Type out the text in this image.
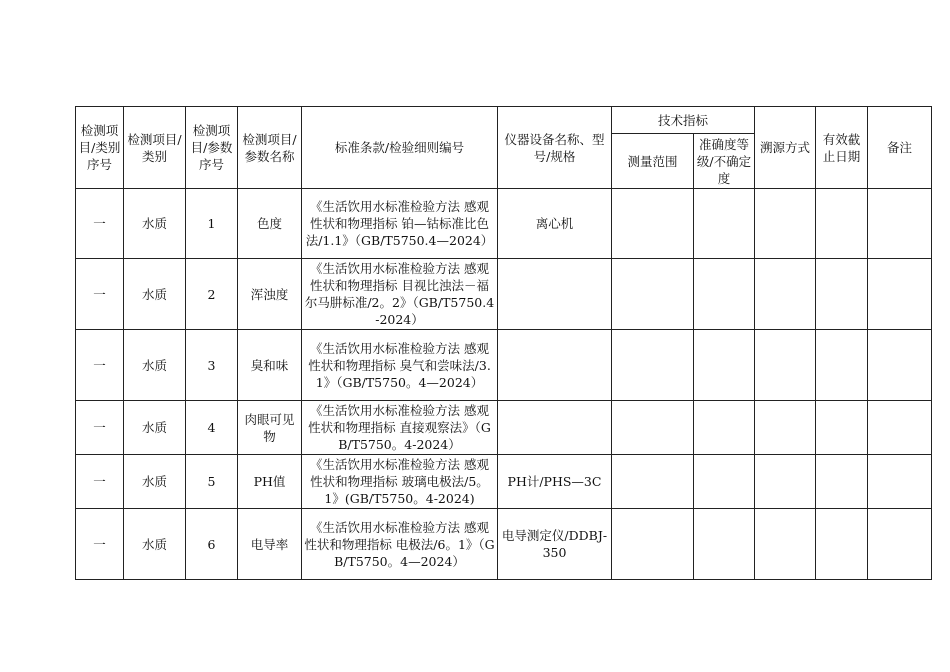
检测项目/类别序号	检测项目/类别	检测项目/参数序号	检测项目/参数名称	标准条款/检验细则编号	仪器设备名称、型号/规格	技术指标		溯源方式	有效截止日期	备注
						测量范围	准确度等级/不确定度			
一	水质	1	色度	《生活饮用水标准检验方法 感观性状和物理指标 铂—钴标准比色法/1.1》（GB/T5750.4—2024）	离心机					
一	水质	2	浑浊度	《生活饮用水标准检验方法 感观性状和物理指标 目视比浊法－福尔马肼标准/2。2》（GB/T5750.4-2024）						
一	水质	3	臭和味	《生活饮用水标准检验方法 感观性状和物理指标 臭气和尝味法/3.1》（GB/T5750。4—2024）						
一	水质	4	肉眼可见物	《生活饮用水标准检验方法 感观性状和物理指标 直接观察法》（GB/T5750。4-2024）						
一	水质	5	PH值	《生活饮用水标准检验方法 感观性状和物理指标 玻璃电极法/5。1》(GB/T5750。4-2024)	PH计/PHS—3C					
一	水质	6	电导率	《生活饮用水标准检验方法 感观性状和物理指标 电极法/6。1》（GB/T5750。4—2024）	电导测定仪/DDBJ-350					
